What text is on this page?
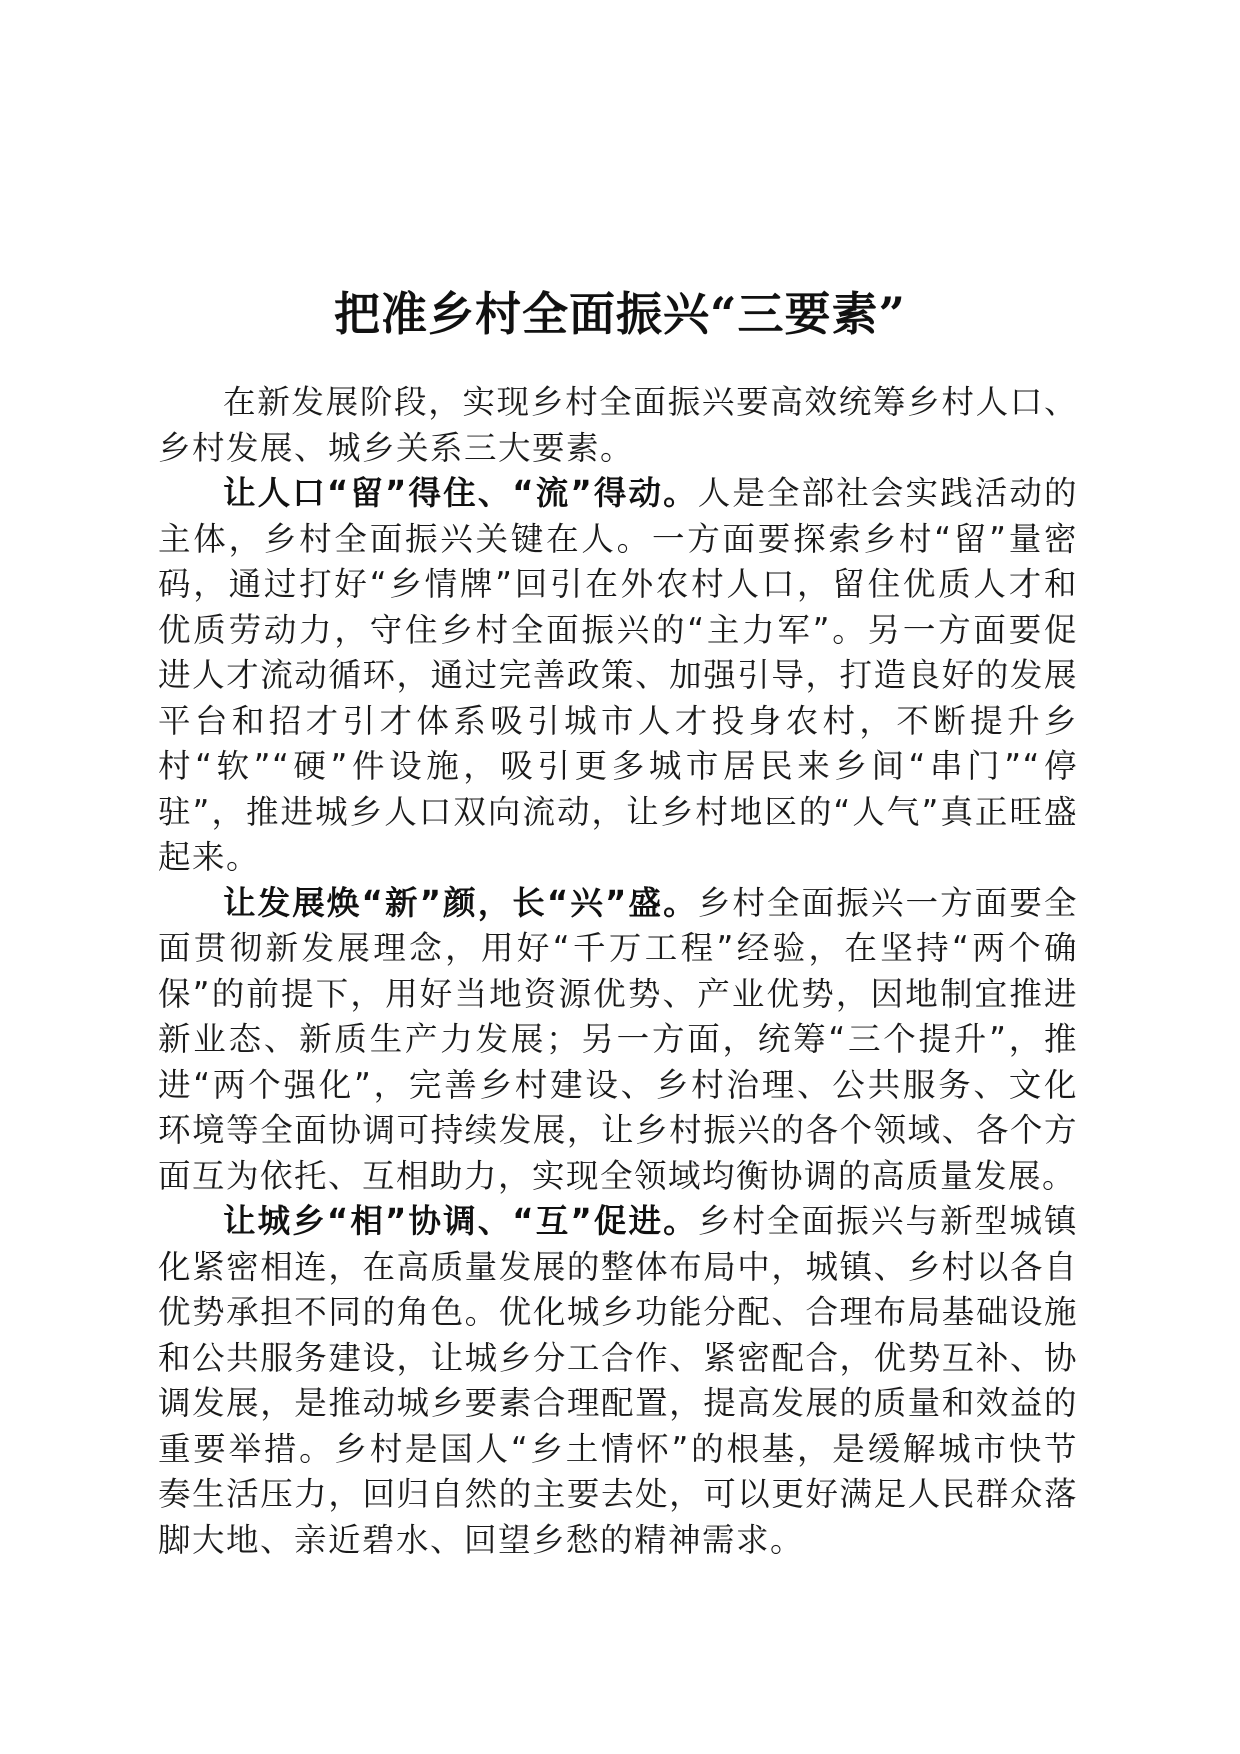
把准乡村全面振兴“三要素”

在新发展阶段，实现乡村全面振兴要高效统筹乡村人口、乡村发展、城乡关系三大要素。

让人口“留”得住、“流”得动。人是全部社会实践活动的主体，乡村全面振兴关键在人。一方面要探索乡村“留”量密码，通过打好“乡情牌”回引在外农村人口，留住优质人才和优质劳动力，守住乡村全面振兴的“主力军”。另一方面要促进人才流动循环，通过完善政策、加强引导，打造良好的发展平台和招才引才体系吸引城市人才投身农村，不断提升乡村“软”“硬”件设施，吸引更多城市居民来乡间“串门”“停驻”，推进城乡人口双向流动，让乡村地区的“人气”真正旺盛起来。

让发展焕“新”颜，长“兴”盛。乡村全面振兴一方面要全面贯彻新发展理念，用好“千万工程”经验，在坚持“两个确保”的前提下，用好当地资源优势、产业优势，因地制宜推进新业态、新质生产力发展；另一方面，统筹“三个提升”，推进“两个强化”，完善乡村建设、乡村治理、公共服务、文化环境等全面协调可持续发展，让乡村振兴的各个领域、各个方面互为依托、互相助力，实现全领域均衡协调的高质量发展。

让城乡“相”协调、“互”促进。乡村全面振兴与新型城镇化紧密相连，在高质量发展的整体布局中，城镇、乡村以各自优势承担不同的角色。优化城乡功能分配、合理布局基础设施和公共服务建设，让城乡分工合作、紧密配合，优势互补、协调发展，是推动城乡要素合理配置，提高发展的质量和效益的重要举措。乡村是国人“乡土情怀”的根基，是缓解城市快节奏生活压力，回归自然的主要去处，可以更好满足人民群众落脚大地、亲近碧水、回望乡愁的精神需求。
